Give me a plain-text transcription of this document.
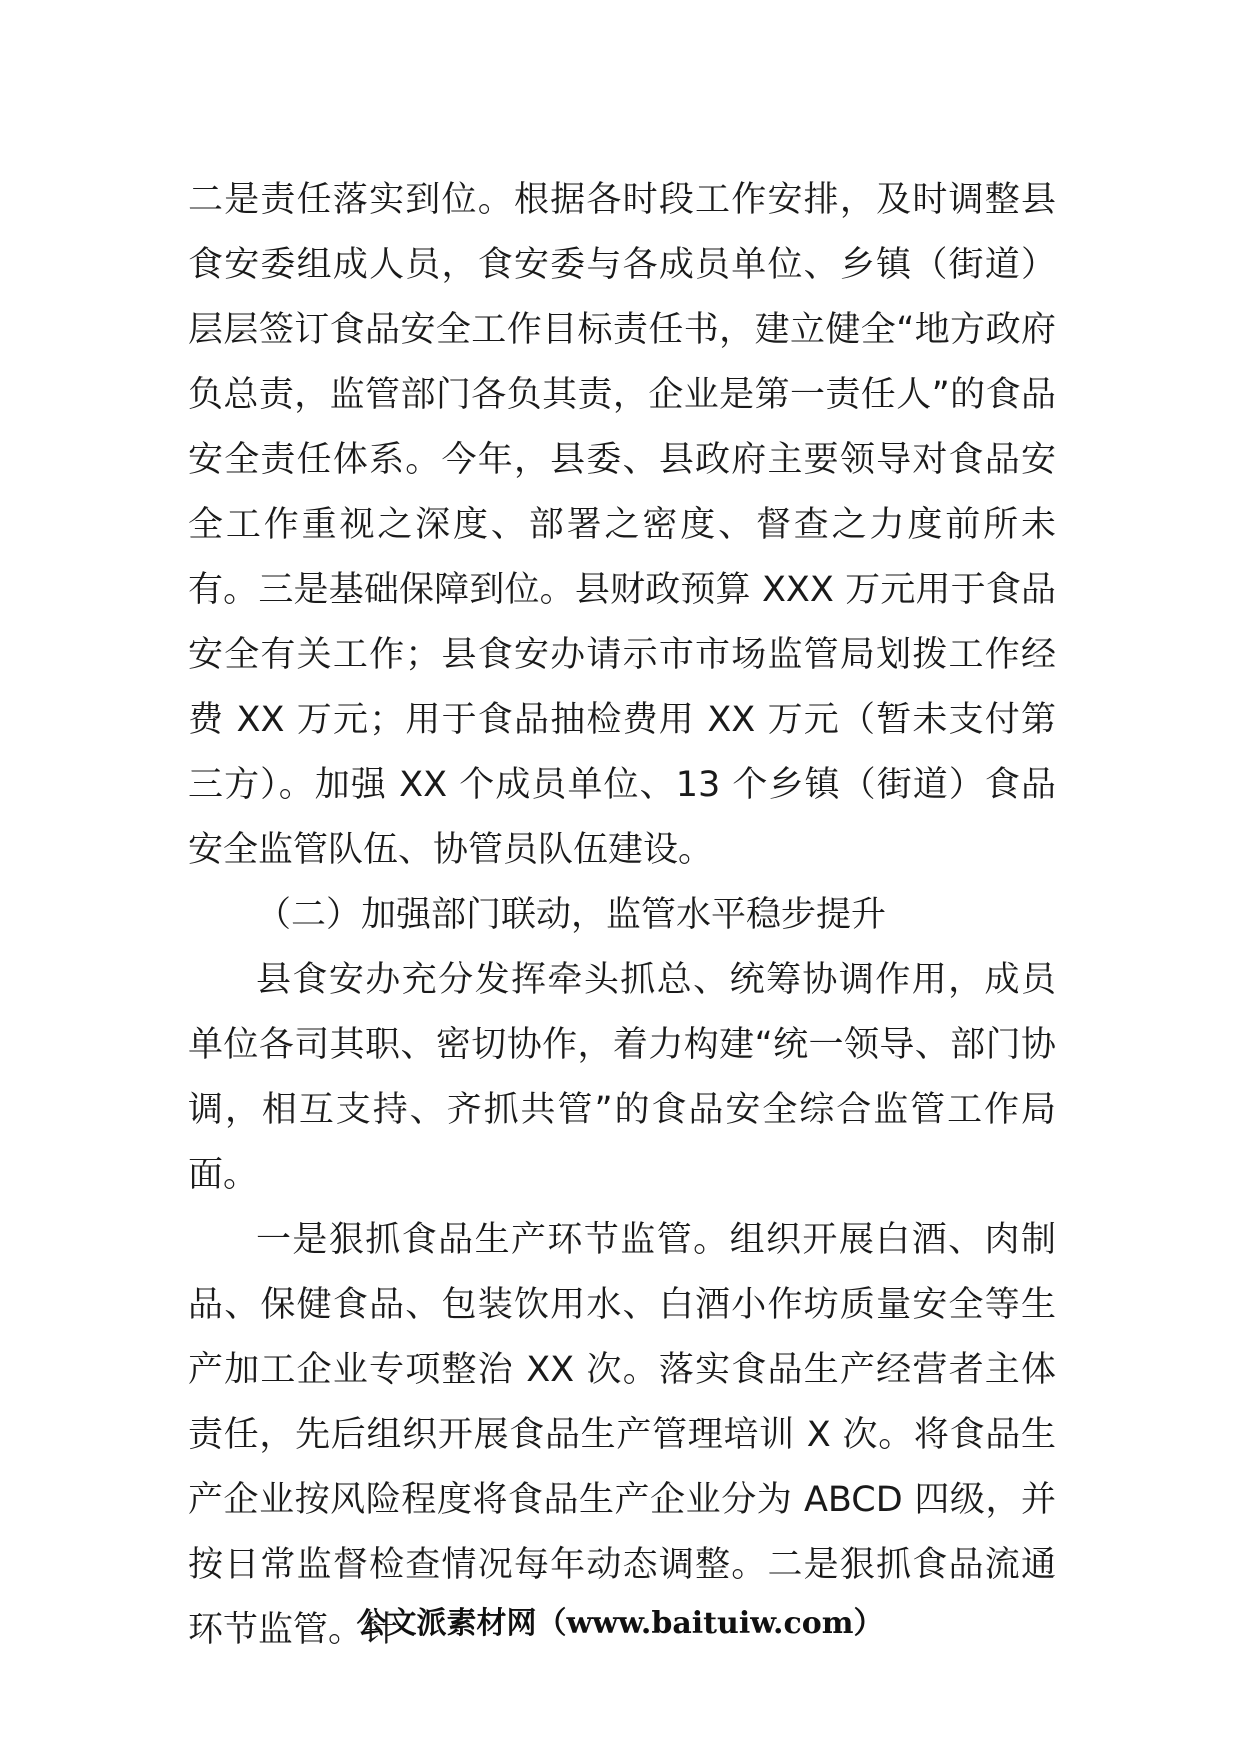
二是责任落实到位。根据各时段工作安排，及时调整县食安委组成人员，食安委与各成员单位、乡镇（街道）层层签订食品安全工作目标责任书，建立健全“地方政府负总责，监管部门各负其责，企业是第一责任人”的食品安全责任体系。今年，县委、县政府主要领导对食品安全工作重视之深度、部署之密度、督查之力度前所未有。三是基础保障到位。县财政预算 XXX 万元用于食品安全有关工作；县食安办请示市市场监管局划拨工作经费 XX 万元；用于食品抽检费用 XX 万元（暂未支付第三方）。加强 XX 个成员单位、13 个乡镇（街道）食品安全监管队伍、协管员队伍建设。

（二）加强部门联动，监管水平稳步提升

县食安办充分发挥牵头抓总、统筹协调作用，成员单位各司其职、密切协作，着力构建“统一领导、部门协调，相互支持、齐抓共管”的食品安全综合监管工作局面。

一是狠抓食品生产环节监管。组织开展白酒、肉制品、保健食品、包装饮用水、白酒小作坊质量安全等生产加工企业专项整治 XX 次。落实食品生产经营者主体责任，先后组织开展食品生产管理培训 X 次。将食品生产企业按风险程度将食品生产企业分为 ABCD 四级，并按日常监督检查情况每年动态调整。二是狠抓食品流通环节监管。针

公文派素材网（www.baituiw.com）
